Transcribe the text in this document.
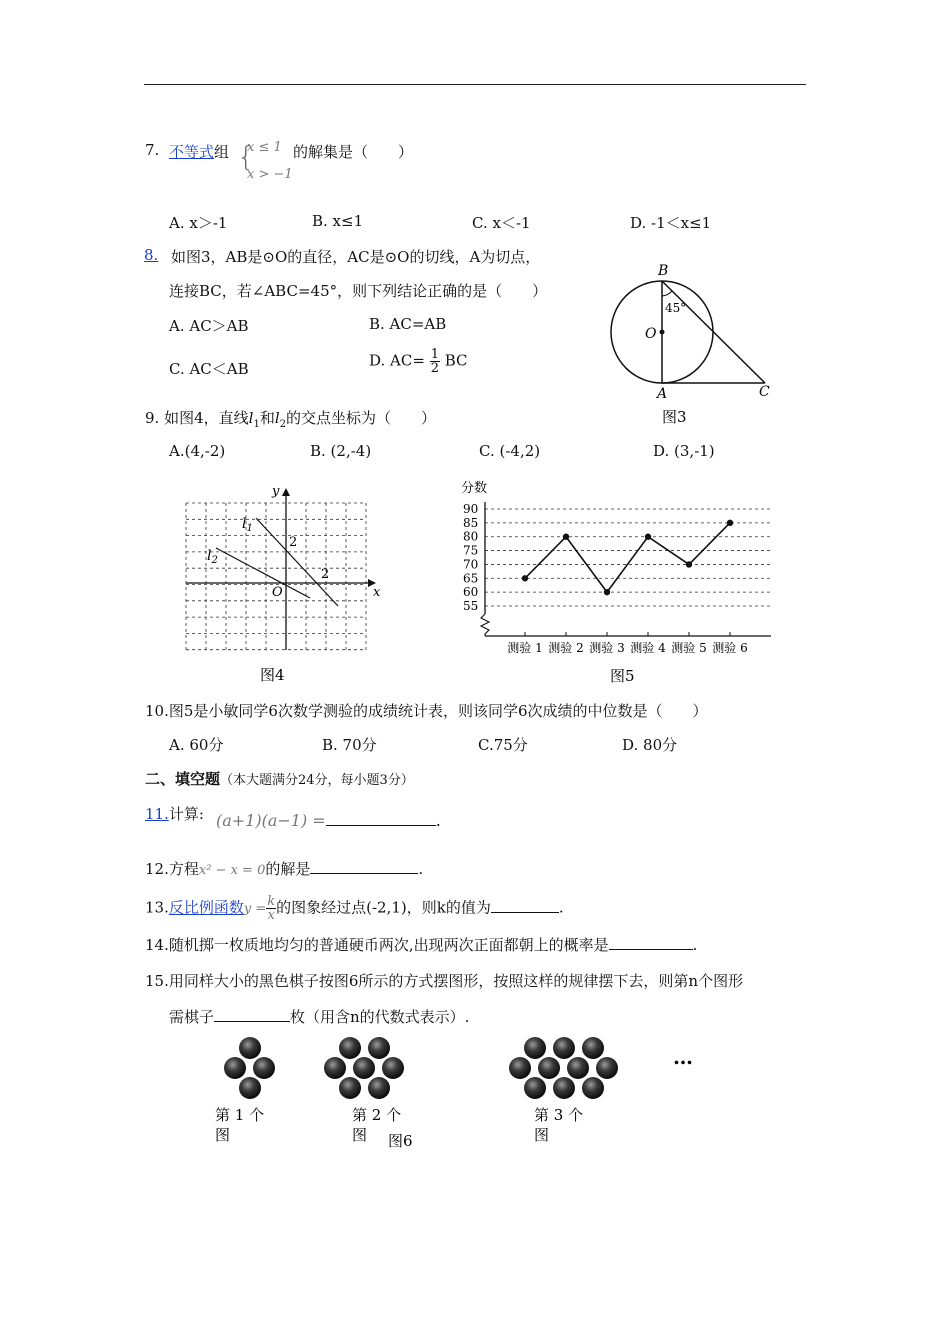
7. 不等式组 {
x ≤ 1
x > −1
的解集是（　　）
A. x＞-1	B. x≤1	C. x＜-1	D. -1＜x≤1
8. 如图3，AB是⊙O的直径，AC是⊙O的切线，A为切点，
连接BC，若∠ABC=45°，则下列结论正确的是（　　）
A. AC＞AB	B. AC=AB
C. AC＜AB	D. $AC= \frac{1}{2}$ BC
B
O
A	C
45°
图3
9. 如图4，直线$l_1$和$l_2$的交点坐标为（　　）
A.(4,-2)	B. (2,-4)	C. (-4,2)	D. (3,-1)
y
x
O
2
2
$l_1$
$l_2$
图4
55
60
65
70
75
80
85
90
测验 1 测验 2 测验 3 测验 4 测验 5 测验 6
分数
图5
10.图5是小敏同学6次数学测验的成绩统计表，则该同学6次成绩的中位数是（　　）
A. 60分	B. 70分	C.75分	D. 80分
二、填空题（本大题满分24分，每小题3分）
11.计算: (a+1)(a−1) =	.
12.方程x² − x = 0的解是	.
13.反比例函数$y = \frac{k}{x}$的图象经过点(-2,1)，则k的值为	.
14.随机掷一枚质地均匀的普通硬币两次,出现两次正面都朝上的概率是	.
15.用同样大小的黑色棋子按图6所示的方式摆图形，按照这样的规律摆下去，则第n个图形
需棋子	枚（用含n的代数式表示）.
…
第 1 个
图
第 2 个
图
第 3 个
图
图6
